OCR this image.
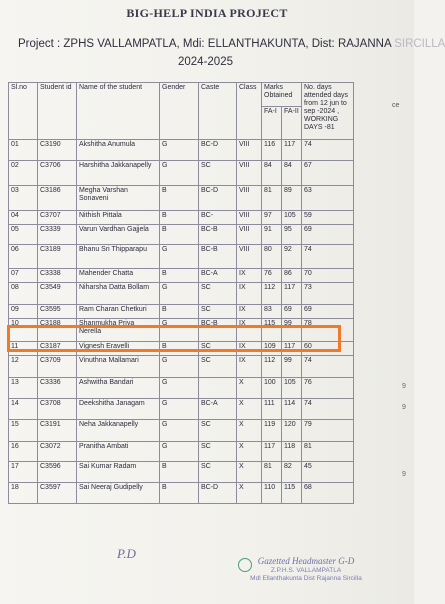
BIG-HELP INDIA PROJECT
Project : ZPHS VALLAMPATLA, Mdi: ELLANTHAKUNTA, Dist: RAJANNA SIRCILLA
2024-2025
ce
Sl.no	Student id	Name of the student	Gender	Caste	Class	Marks Obtained		No. days attended days from 12 jun to sep -2024 , WORKING DAYS -81
						FA-I	FA-II	
01	C3190	Akshitha Anumula	G	BC-D	VIII	116	117	74
02	C3706	Harshitha Jakkanapelly	G	SC	VIII	84	84	67
03	C3186	Megha Varshan Sonaveni	B	BC-D	VIII	81	89	63
04	C3707	Nithish Pittala	B	BC-	VIII	97	105	59
05	C3339	Varun Vardhan Gajjela	B	BC-B	VIII	91	95	69
06	C3189	Bhanu Sri Thipparapu	G	BC-B	VIII	80	92	74
07	C3338	Mahender Chatta	B	BC-A	IX	76	86	70
08	C3549	Niharsha Datta Bollam	G	SC	IX	112	117	73
09	C3595	Ram Charan Chetkuri	B	SC	IX	83	69	69
10	C3188	Shanmukha Priya Nerella	G	BC-B	IX	115	99	78
11	C3187	Vignesh Eravelli	B	SC	IX	109	117	60
12	C3709	Vinuthna Mallamari	G	SC	IX	112	99	74
13	C3336	Ashwitha Bandari	G		X	100	105	76
14	C3708	Deekshitha Janagam	G	BC-A	X	111	114	74
15	C3191	Neha Jakkanapelly	G	SC	X	119	120	79
16	C3072	Pranitha Ambati	G	SC	X	117	118	81
17	C3596	Sai Kumar Radam	B	SC	X	81	82	45
18	C3597	Sai Neeraj Gudipelly	B	BC-D	X	110	115	68
9
9
9
P.D	Gazetted Headmaster G-D
Z.P.H.S. VALLAMPATLA
Mdl Ellanthakunta Dist Rajanna Sircilla
